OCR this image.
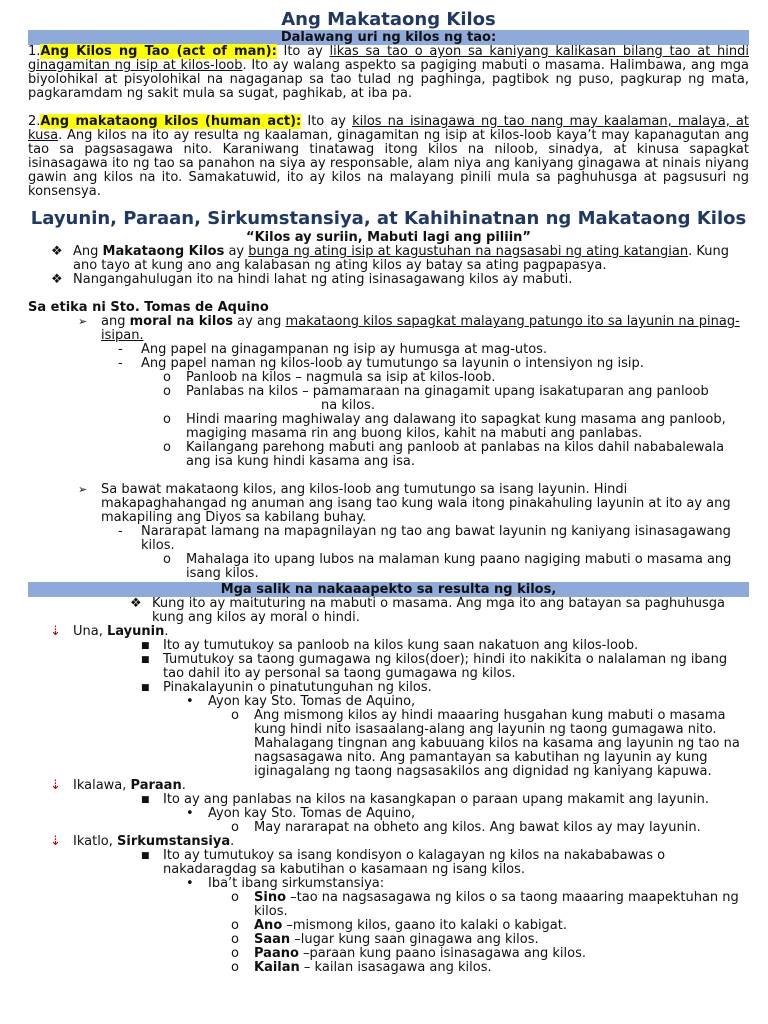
Ang Makataong Kilos
Dalawang uri ng kilos ng tao:

1.Ang Kilos ng Tao (act of man): Ito ay likas sa tao o ayon sa kaniyang kalikasan bilang tao at hindi ginagamitan ng isip at kilos-loob. Ito ay walang aspekto sa pagiging mabuti o masama. Halimbawa, ang mga biyolohikal at pisyolohikal na nagaganap sa tao tulad ng paghinga, pagtibok ng puso, pagkurap ng mata, pagkaramdam ng sakit mula sa sugat, paghikab, at iba pa.

2.Ang makataong kilos (human act): Ito ay kilos na isinagawa ng tao nang may kaalaman, malaya, at kusa. Ang kilos na ito ay resulta ng kaalaman, ginagamitan ng isip at kilos-loob kaya’t may kapanagutan ang tao sa pagsasagawa nito. Karaniwang tinatawag itong kilos na niloob, sinadya, at kinusa sapagkat isinasagawa ito ng tao sa panahon na siya ay responsable, alam niya ang kaniyang ginagawa at ninais niyang gawin ang kilos na ito. Samakatuwid, ito ay kilos na malayang pinili mula sa paghuhusga at pagsusuri ng konsensya.

Layunin, Paraan, Sirkumstansiya, at Kahihinatnan ng Makataong Kilos
“Kilos ay suriin, Mabuti lagi ang piliin”
❖ Ang Makataong Kilos ay bunga ng ating isip at kagustuhan na nagsasabi ng ating katangian. Kung ano tayo at kung ano ang kalabasan ng ating kilos ay batay sa ating pagpapasya.
❖ Nangangahulugan ito na hindi lahat ng ating isinasagawang kilos ay mabuti.
Sa etika ni Sto. Tomas de Aquino
➢ ang moral na kilos ay ang makataong kilos sapagkat malayang patungo ito sa layunin na pinag-isipan.
- Ang papel na ginagampanan ng isip ay humusga at mag-utos.
- Ang papel naman ng kilos-loob ay tumutungo sa layunin o intensiyon ng isip.
o Panloob na kilos – nagmula sa isip at kilos-loob.
o Panlabas na kilos – pamamaraan na ginagamit upang isakatuparan ang panloob
na kilos.
o Hindi maaring maghiwalay ang dalawang ito sapagkat kung masama ang panloob, magiging masama rin ang buong kilos, kahit na mabuti ang panlabas.
o Kailangang parehong mabuti ang panloob at panlabas na kilos dahil nababalewala ang isa kung hindi kasama ang isa.
➢ Sa bawat makataong kilos, ang kilos-loob ang tumutungo sa isang layunin. Hindi makapaghahangad ng anuman ang isang tao kung wala itong pinakahuling layunin at ito ay ang makapiling ang Diyos sa kabilang buhay.
- Nararapat lamang na mapagnilayan ng tao ang bawat layunin ng kaniyang isinasagawang kilos.
o Mahalaga ito upang lubos na malaman kung paano nagiging mabuti o masama ang isang kilos.
Mga salik na nakaaapekto sa resulta ng kilos,
❖ Kung ito ay maituturing na mabuti o masama. Ang mga ito ang batayan sa paghuhusga kung ang kilos ay moral o hindi.
⇣ Una, Layunin.
■ Ito ay tumutukoy sa panloob na kilos kung saan nakatuon ang kilos-loob.
■ Tumutukoy sa taong gumagawa ng kilos(doer); hindi ito nakikita o nalalaman ng ibang tao dahil ito ay personal sa taong gumagawa ng kilos.
■ Pinakalayunin o pinatutunguhan ng kilos.
• Ayon kay Sto. Tomas de Aquino,
o Ang mismong kilos ay hindi maaaring husgahan kung mabuti o masama kung hindi nito isasaalang-alang ang layunin ng taong gumagawa nito. Mahalagang tingnan ang kabuuang kilos na kasama ang layunin ng tao na nagsasagawa nito. Ang pamantayan sa kabutihan ng layunin ay kung iginagalang ng taong nagsasakilos ang dignidad ng kaniyang kapuwa.
⇣ Ikalawa, Paraan.
■ Ito ay ang panlabas na kilos na kasangkapan o paraan upang makamit ang layunin.
• Ayon kay Sto. Tomas de Aquino,
o May nararapat na obheto ang kilos. Ang bawat kilos ay may layunin.
⇣ Ikatlo, Sirkumstansiya.
■ Ito ay tumutukoy sa isang kondisyon o kalagayan ng kilos na nakababawas o nakadaragdag sa kabutihan o kasamaan ng isang kilos.
• Iba’t ibang sirkumstansiya:
o Sino –tao na nagsasagawa ng kilos o sa taong maaaring maapektuhan ng kilos.
o Ano –mismong kilos, gaano ito kalaki o kabigat.
o Saan –lugar kung saan ginagawa ang kilos.
o Paano –paraan kung paano isinasagawa ang kilos.
o Kailan – kailan isasagawa ang kilos.
